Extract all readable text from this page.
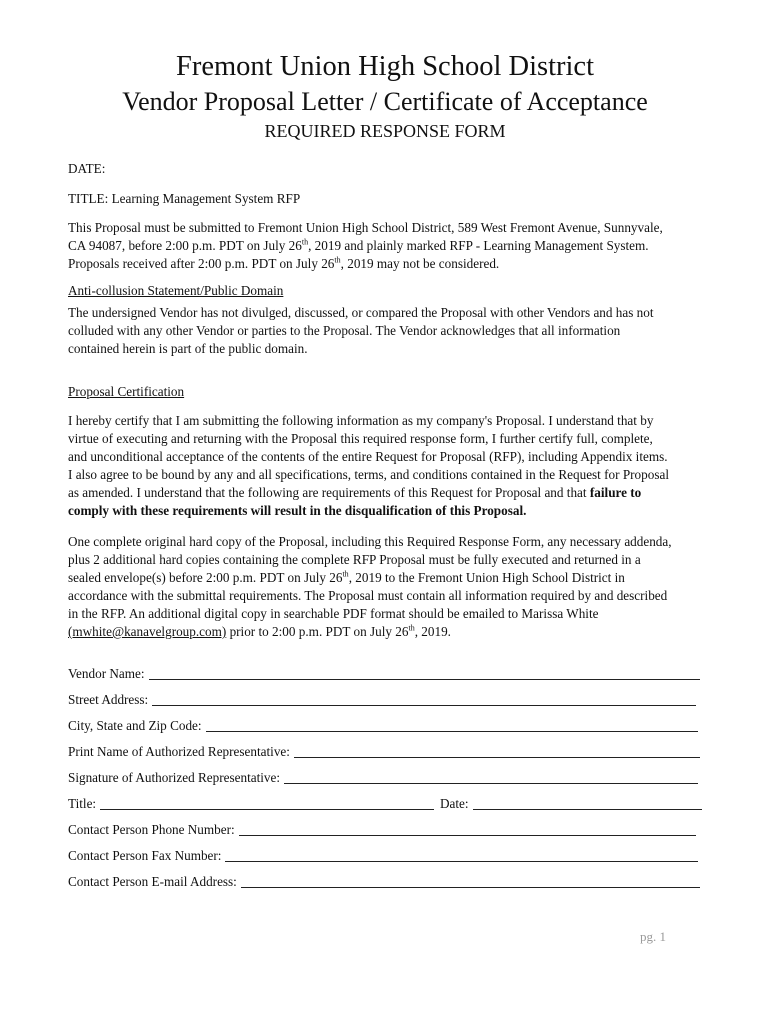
Fremont Union High School District
Vendor Proposal Letter / Certificate of Acceptance
REQUIRED RESPONSE FORM
DATE:
TITLE: Learning Management System RFP
This Proposal must be submitted to Fremont Union High School District, 589 West Fremont Avenue, Sunnyvale,
CA 94087, before 2:00 p.m. PDT on July 26th, 2019 and plainly marked RFP - Learning Management System.
Proposals received after 2:00 p.m. PDT on July 26th, 2019 may not be considered.
Anti-collusion Statement/Public Domain
The undersigned Vendor has not divulged, discussed, or compared the Proposal with other Vendors and has not
colluded with any other Vendor or parties to the Proposal. The Vendor acknowledges that all information
contained herein is part of the public domain.
Proposal Certification
I hereby certify that I am submitting the following information as my company's Proposal. I understand that by
virtue of executing and returning with the Proposal this required response form, I further certify full, complete,
and unconditional acceptance of the contents of the entire Request for Proposal (RFP), including Appendix items.
I also agree to be bound by any and all specifications, terms, and conditions contained in the Request for Proposal
as amended. I understand that the following are requirements of this Request for Proposal and that failure to
comply with these requirements will result in the disqualification of this Proposal.
One complete original hard copy of the Proposal, including this Required Response Form, any necessary addenda,
plus 2 additional hard copies containing the complete RFP Proposal must be fully executed and returned in a
sealed envelope(s) before 2:00 p.m. PDT on July 26th, 2019 to the Fremont Union High School District in
accordance with the submittal requirements. The Proposal must contain all information required by and described
in the RFP. An additional digital copy in searchable PDF format should be emailed to Marissa White
(mwhite@kanavelgroup.com) prior to 2:00 p.m. PDT on July 26th, 2019.
Vendor Name:
Street Address:
City, State and Zip Code:
Print Name of Authorized Representative:
Signature of Authorized Representative:
Title:	Date:
Contact Person Phone Number:
Contact Person Fax Number:
Contact Person E-mail Address:
pg. 1
